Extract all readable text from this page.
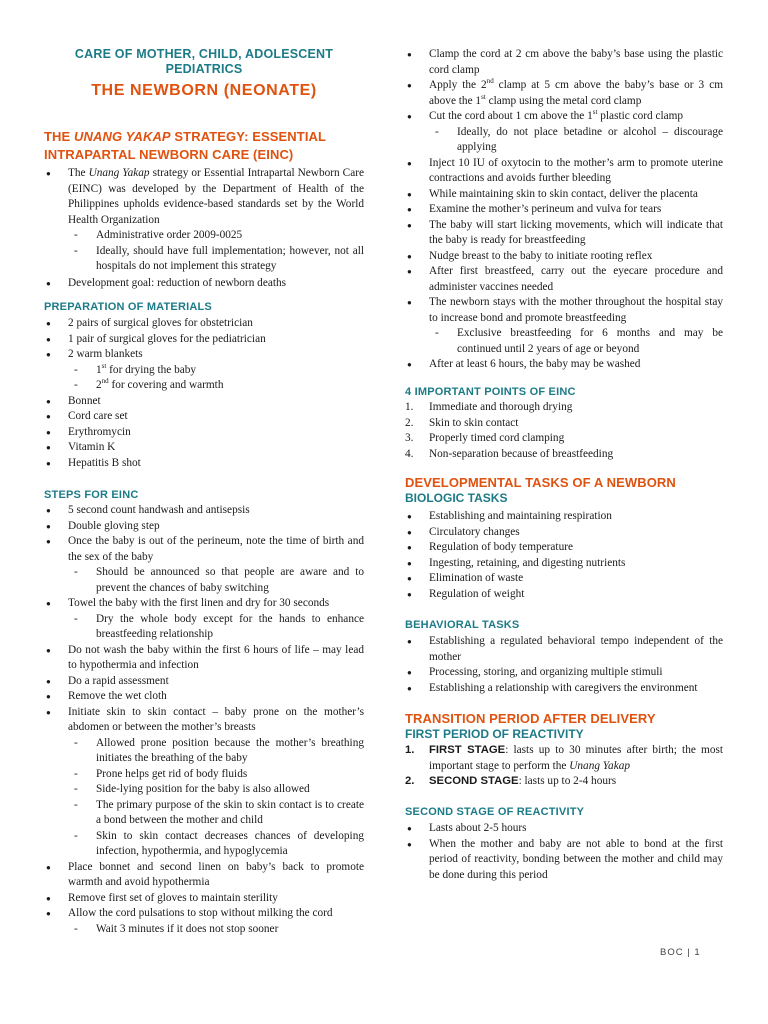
CARE OF MOTHER, CHILD, ADOLESCENT
PEDIATRICS
THE NEWBORN (NEONATE)
THE UNANG YAKAP STRATEGY: ESSENTIAL INTRAPARTAL NEWBORN CARE (EINC)
● The Unang Yakap strategy or Essential Intrapartal Newborn Care (EINC) was developed by the Department of Health of the Philippines upholds evidence-based standards set by the World Health Organization
- Administrative order 2009-0025
- Ideally, should have full implementation; however, not all hospitals do not implement this strategy
● Development goal: reduction of newborn deaths
PREPARATION OF MATERIALS
● 2 pairs of surgical gloves for obstetrician
● 1 pair of surgical gloves for the pediatrician
● 2 warm blankets
- 1st for drying the baby
- 2nd for covering and warmth
● Bonnet
● Cord care set
● Erythromycin
● Vitamin K
● Hepatitis B shot
STEPS FOR EINC
● 5 second count handwash and antisepsis
● Double gloving step
● Once the baby is out of the perineum, note the time of birth and the sex of the baby
- Should be announced so that people are aware and to prevent the chances of baby switching
● Towel the baby with the first linen and dry for 30 seconds
- Dry the whole body except for the hands to enhance breastfeeding relationship
● Do not wash the baby within the first 6 hours of life – may lead to hypothermia and infection
● Do a rapid assessment
● Remove the wet cloth
● Initiate skin to skin contact – baby prone on the mother’s abdomen or between the mother’s breasts
- Allowed prone position because the mother’s breathing initiates the breathing of the baby
- Prone helps get rid of body fluids
- Side-lying position for the baby is also allowed
- The primary purpose of the skin to skin contact is to create a bond between the mother and child
- Skin to skin contact decreases chances of developing infection, hypothermia, and hypoglycemia
● Place bonnet and second linen on baby’s back to promote warmth and avoid hypothermia
● Remove first set of gloves to maintain sterility
● Allow the cord pulsations to stop without milking the cord
- Wait 3 minutes if it does not stop sooner
● Clamp the cord at 2 cm above the baby’s base using the plastic cord clamp
● Apply the 2nd clamp at 5 cm above the baby’s base or 3 cm above the 1st clamp using the metal cord clamp
● Cut the cord about 1 cm above the 1st plastic cord clamp
- Ideally, do not place betadine or alcohol – discourage applying
● Inject 10 IU of oxytocin to the mother’s arm to promote uterine contractions and avoids further bleeding
● While maintaining skin to skin contact, deliver the placenta
● Examine the mother’s perineum and vulva for tears
● The baby will start licking movements, which will indicate that the baby is ready for breastfeeding
● Nudge breast to the baby to initiate rooting reflex
● After first breastfeed, carry out the eyecare procedure and administer vaccines needed
● The newborn stays with the mother throughout the hospital stay to increase bond and promote breastfeeding
- Exclusive breastfeeding for 6 months and may be continued until 2 years of age or beyond
● After at least 6 hours, the baby may be washed
4 IMPORTANT POINTS OF EINC
1. Immediate and thorough drying
2. Skin to skin contact
3. Properly timed cord clamping
4. Non-separation because of breastfeeding
DEVELOPMENTAL TASKS OF A NEWBORN
BIOLOGIC TASKS
● Establishing and maintaining respiration
● Circulatory changes
● Regulation of body temperature
● Ingesting, retaining, and digesting nutrients
● Elimination of waste
● Regulation of weight
BEHAVIORAL TASKS
● Establishing a regulated behavioral tempo independent of the mother
● Processing, storing, and organizing multiple stimuli
● Establishing a relationship with caregivers the environment
TRANSITION PERIOD AFTER DELIVERY
FIRST PERIOD OF REACTIVITY
1. FIRST STAGE: lasts up to 30 minutes after birth; the most important stage to perform the Unang Yakap
2. SECOND STAGE: lasts up to 2-4 hours
SECOND STAGE OF REACTIVITY
● Lasts about 2-5 hours
● When the mother and baby are not able to bond at the first period of reactivity, bonding between the mother and child may be done during this period
BOC | 1
